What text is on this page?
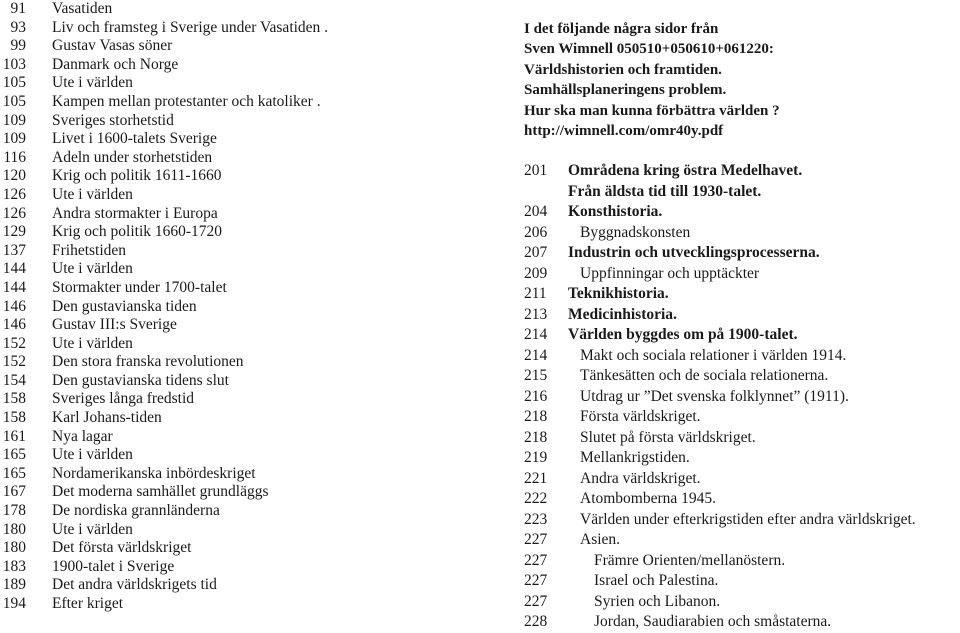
91	Vasatiden
93	Liv och framsteg i Sverige under Vasatiden .
99	Gustav Vasas söner
103	Danmark och Norge
105	Ute i världen
105	Kampen mellan protestanter och katoliker .
109	Sveriges storhetstid
109	Livet i 1600-talets Sverige
116	Adeln under storhetstiden
120	Krig och politik 1611-1660
126	Ute i världen
126	Andra stormakter i Europa
129	Krig och politik 1660-1720
137	Frihetstiden
144	Ute i världen
144	Stormakter under 1700-talet
146	Den gustavianska tiden
146	Gustav III:s Sverige
152	Ute i världen
152	Den stora franska revolutionen
154	Den gustavianska tidens slut
158	Sveriges långa fredstid
158	Karl Johans-tiden
161	Nya lagar
165	Ute i världen
165	Nordamerikanska inbördeskriget
167	Det moderna samhället grundläggs
178	De nordiska grannländerna
180	Ute i världen
180	Det första världskriget
183	1900-talet i Sverige
189	Det andra världskrigets tid
194	Efter kriget
I det följande några sidor från
Sven Wimnell 050510+050610+061220:
Världshistorien och framtiden.
Samhällsplaneringens problem.
Hur ska man kunna förbättra världen ?
http://wimnell.com/omr40y.pdf
201	Områdena kring östra Medelhavet.
Från äldsta tid till 1930-talet.
204	Konsthistoria.
206	Byggnadskonsten
207	Industrin och utvecklingsprocesserna.
209	Uppfinningar och upptäckter
211	Teknikhistoria.
213	Medicinhistoria.
214	Världen byggdes om på 1900-talet.
214	Makt och sociala relationer i världen 1914.
215	Tänkesätten och de sociala relationerna.
216	Utdrag ur ”Det svenska folklynnet” (1911).
218	Första världskriget.
218	Slutet på första världskriget.
219	Mellankrigstiden.
221	Andra världskriget.
222	Atombomberna 1945.
223	Världen under efterkrigstiden efter andra världskriget.
227	Asien.
227	Främre Orienten/mellanöstern.
227	Israel och Palestina.
227	Syrien och Libanon.
228	Jordan, Saudiarabien och småstaterna.
